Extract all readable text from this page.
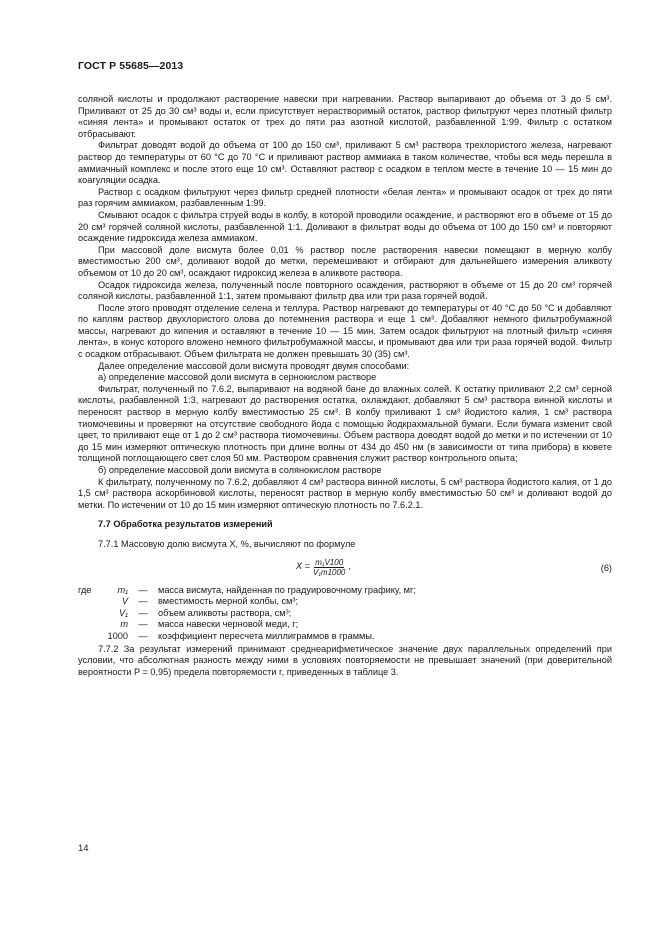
ГОСТ Р 55685—2013
соляной кислоты и продолжают растворение навески при нагревании. Раствор выпаривают до объема от 3 до 5 см³. Приливают от 25 до 30 см³ воды и, если присутствует нерастворимый остаток, раствор фильтруют через плотный фильтр «синяя лента» и промывают остаток от трех до пяти раз азотной кислотой, разбавленной 1:99. Фильтр с остатком отбрасывают.
Фильтрат доводят водой до объема от 100 до 150 см³, приливают 5 см³ раствора трехлористого железа, нагревают раствор до температуры от 60 °С до 70 °С и приливают раствор аммиака в таком количестве, чтобы вся медь перешла в аммиачный комплекс и после этого еще 10 см³. Оставляют раствор с осадком в теплом месте в течение 10 — 15 мин до коагуляции осадка.
Раствор с осадком фильтруют через фильтр средней плотности «белая лента» и промывают осадок от трех до пяти раз горячим аммиаком, разбавленным 1:99.
Смывают осадок с фильтра струей воды в колбу, в которой проводили осаждение, и растворяют его в объеме от 15 до 20 см³ горячей соляной кислоты, разбавленной 1:1. Доливают в фильтрат воды до объема от 100 до 150 см³ и повторяют осаждение гидроксида железа аммиаком.
При массовой доле висмута более 0,01 % раствор после растворения навески помещают в мерную колбу вместимостью 200 см³, доливают водой до метки, перемешивают и отбирают для дальнейшего измерения аликвоту объемом от 10 до 20 см³, осаждают гидроксид железа в аликвоте раствора.
Осадок гидроксида железа, полученный после повторного осаждения, растворяют в объеме от 15 до 20 см³ горячей соляной кислоты, разбавленной 1:1, затем промывают фильтр два или три раза горячей водой.
После этого проводят отделение селена и теллура. Раствор нагревают до температуры от 40 °С до 50 °С и добавляют по каплям раствор двухлористого олова до потемнения раствора и еще 1 см³. Добавляют немного фильтробумажной массы, нагревают до кипения и оставляют в течение 10 — 15 мин. Затем осадок фильтруют на плотный фильтр «синяя лента», в конус которого вложено немного фильтробумажной массы, и промывают два или три раза горячей водой. Фильтр с осадком отбрасывают. Объем фильтрата не должен превышать 30 (35) см³.
Далее определение массовой доли висмута проводят двумя способами:
а) определение массовой доли висмута в сернокислом растворе
Фильтрат, полученный по 7.6.2, выпаривают на водяной бане до влажных солей. К остатку приливают 2,2 см³ серной кислоты, разбавленной 1:3, нагревают до растворения остатка, охлаждают, добавляют 5 см³ раствора винной кислоты и переносят раствор в мерную колбу вместимостью 25 см³. В колбу приливают 1 см³ йодистого калия, 1 см³ раствора тиомочевины и проверяют на отсутствие свободного йода с помощью йодкрахмальной бумаги. Если бумага изменит свой цвет, то приливают еще от 1 до 2 см³ раствора тиомочевины. Объем раствора доводят водой до метки и по истечении от 10 до 15 мин измеряют оптическую плотность при длине волны от 434 до 450 нм (в зависимости от типа прибора) в кювете толщиной поглощающего свет слоя 50 мм. Раствором сравнения служит раствор контрольного опыта;
б) определение массовой доли висмута в солянокислом растворе
К фильтрату, полученному по 7.6.2, добавляют 4 см³ раствора винной кислоты, 5 см³ раствора йодистого калия, от 1 до 1,5 см³ раствора аскорбиновой кислоты, переносят раствор в мерную колбу вместимостью 50 см³ и доливают водой до метки. По истечении от 10 до 15 мин измеряют оптическую плотность по 7.6.2.1.
7.7 Обработка результатов измерений
7.7.1 Массовую долю висмута X, %, вычисляют по формуле
$X = \frac{\text{m₁V100}}{\text{V₁m1000}}$ ,	(6)
где	m₁	—	масса висмута, найденная по градуировочному графику, мг;
V	—	вместимость мерной колбы, см³;
V₁	—	объем аликвоты раствора, см³;
m	—	масса навески черновой меди, г;
1000	—	коэффициент пересчета миллиграммов в граммы.
7.7.2 За результат измерений принимают среднеарифметическое значение двух параллельных определений при условии, что абсолютная разность между ними в условиях повторяемости не превышает значений (при доверительной вероятности P = 0,95) предела повторяемости r, приведенных в таблице 3.
14
